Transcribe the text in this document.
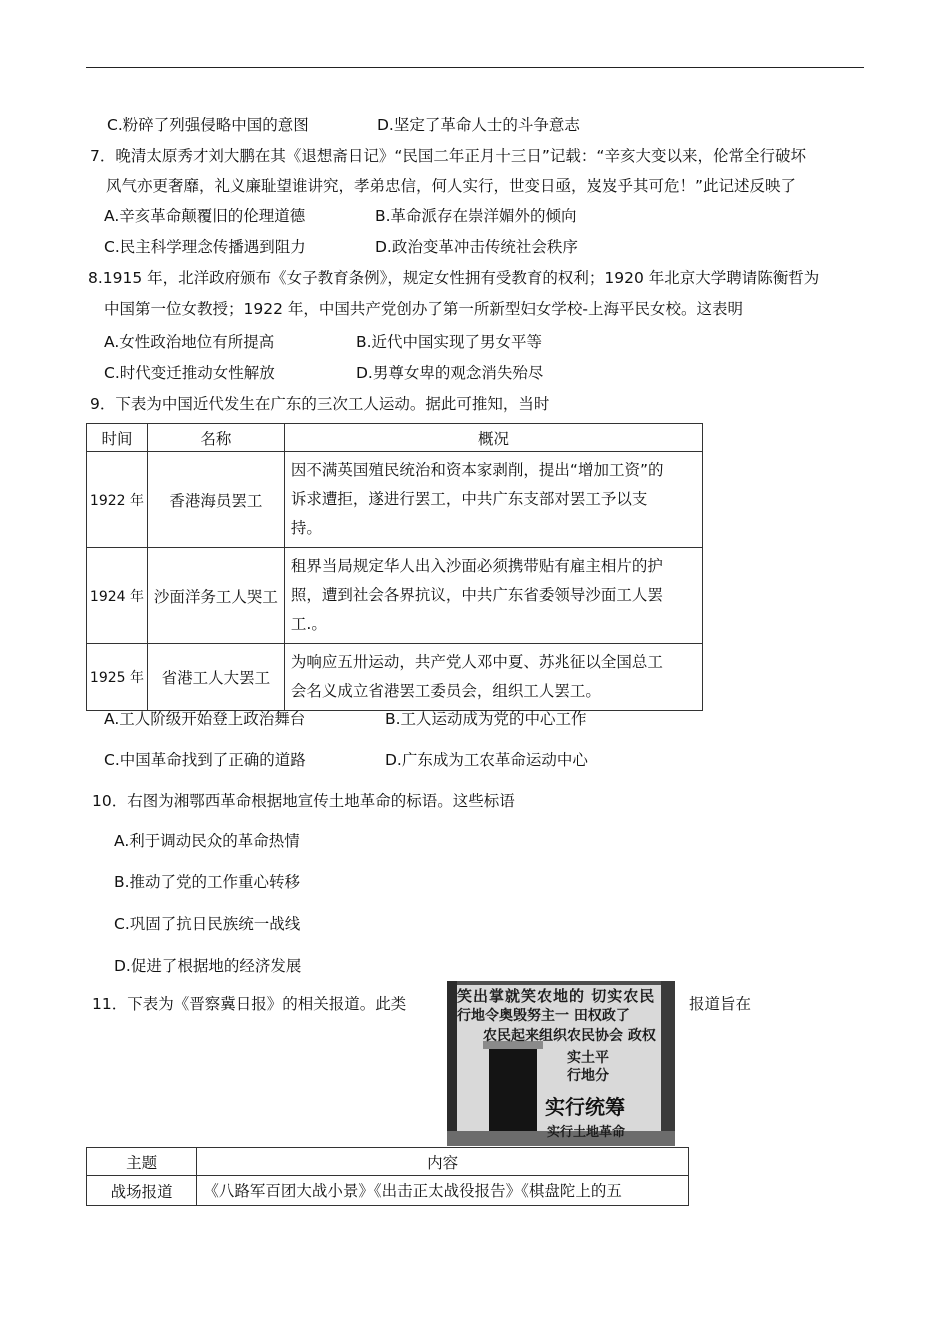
C.粉碎了列强侵略中国的意图	D.坚定了革命人士的斗争意志
7．晚清太原秀才刘大鹏在其《退想斋日记》“民国二年正月十三日”记载：“辛亥大变以来，伦常全行破坏
风气亦更奢靡，礼义廉耻望谁讲究，孝弟忠信，何人实行，世变日亟，岌岌乎其可危！”此记述反映了
A.辛亥革命颠覆旧的伦理道德	B.革命派存在崇洋媚外的倾向
C.民主科学理念传播遇到阻力	D.政治变革冲击传统社会秩序
8.1915 年，北洋政府颁布《女子教育条例》，规定女性拥有受教育的权利；1920 年北京大学聘请陈衡哲为
中国第一位女教授；1922 年，中国共产党创办了第一所新型妇女学校-上海平民女校。这表明
A.女性政治地位有所提高	B.近代中国实现了男女平等
C.时代变迁推动女性解放	D.男尊女卑的观念消失殆尽
9．下表为中国近代发生在广东的三次工人运动。据此可推知，当时
时间	名称	概况
1922 年	香港海员罢工	因不满英国殖民统治和资本家剥削，提出“增加工资”的
诉求遭拒，遂进行罢工，中共广东支部对罢工予以支
持。

1924 年	沙面洋务工人哭工	租界当局规定华人出入沙面必须携带贴有雇主相片的护
照，遭到社会各界抗议，中共广东省委领导沙面工人罢
工.。

1925 年	省港工人大罢工	为响应五卅运动，共产党人邓中夏、苏兆征以全国总工
会名义成立省港罢工委员会，组织工人罢工。
A.工人阶级开始登上政治舞台	B.工人运动成为党的中心工作
C.中国革命找到了正确的道路	D.广东成为工农革命运动中心
10．右图为湘鄂西革命根据地宣传土地革命的标语。这些标语
A.利于调动民众的革命热情
B.推动了党的工作重心转移
C.巩固了抗日民族统一战线
D.促进了根据地的经济发展
11．下表为《晋察冀日报》的相关报道。此类	报道旨在
笑出掌就笑农地的 切实农民
行地令奥毁努主一 田权政了
农民起来组织农民协会 政权
实土平
行地分
实行统筹
实行土地革命
主题	内容
战场报道	《八路军百团大战小景》《出击正太战役报告》《棋盘陀上的五
